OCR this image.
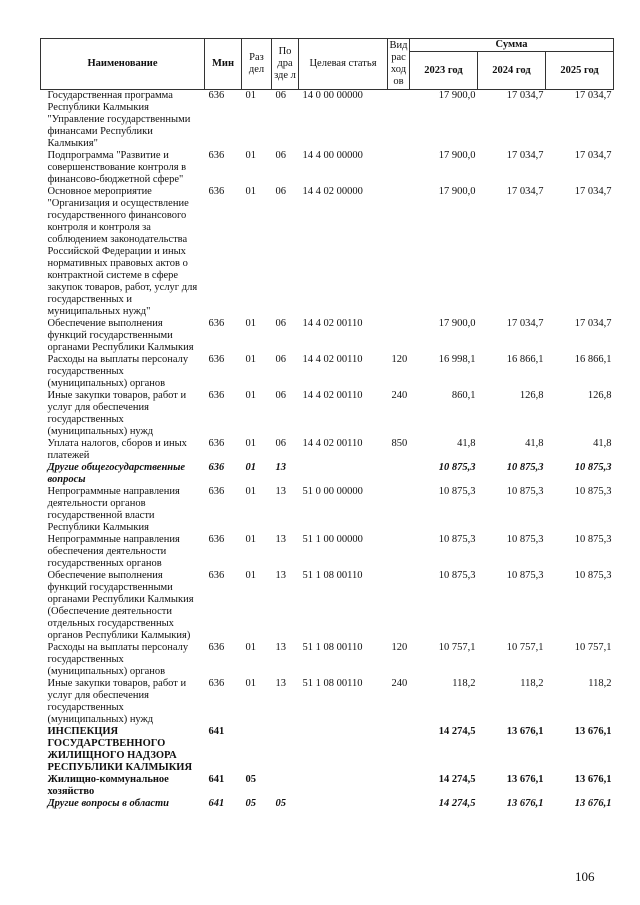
Наименование	Мин	Раз дел	По дра зде л	Целевая статья	Вид рас ход ов	Сумма		
						2023 год	2024 год	2025 год
Государственная программа Республики Калмыкия "Управление государственными финансами Республики Калмыкия"	636	01	06	14 0 00 00000		17 900,0	17 034,7	17 034,7
Подпрограмма "Развитие и совершенствование контроля в финансово-бюджетной сфере"	636	01	06	14 4 00 00000		17 900,0	17 034,7	17 034,7
Основное мероприятие "Организация и осуществление государственного финансового контроля и контроля за соблюдением законодательства Российской Федерации и иных нормативных правовых актов о контрактной системе в сфере закупок товаров, работ, услуг для государственных и муниципальных нужд"	636	01	06	14 4 02 00000		17 900,0	17 034,7	17 034,7
Обеспечение выполнения функций государственными органами Республики Калмыкия	636	01	06	14 4 02 00110		17 900,0	17 034,7	17 034,7
Расходы на выплаты персоналу государственных (муниципальных) органов	636	01	06	14 4 02 00110	120	16 998,1	16 866,1	16 866,1
Иные закупки товаров, работ и услуг для обеспечения государственных (муниципальных) нужд	636	01	06	14 4 02 00110	240	860,1	126,8	126,8
Уплата налогов, сборов и иных платежей	636	01	06	14 4 02 00110	850	41,8	41,8	41,8
Другие общегосударственные вопросы	636	01	13			10 875,3	10 875,3	10 875,3
Непрограммные направления деятельности органов государственной власти Республики Калмыкия	636	01	13	51 0 00 00000		10 875,3	10 875,3	10 875,3
Непрограммные направления обеспечения деятельности государственных органов	636	01	13	51 1 00 00000		10 875,3	10 875,3	10 875,3
Обеспечение выполнения функций государственными органами Республики Калмыкия (Обеспечение деятельности отдельных государственных органов Республики Калмыкия)	636	01	13	51 1 08 00110		10 875,3	10 875,3	10 875,3
Расходы на выплаты персоналу государственных (муниципальных) органов	636	01	13	51 1 08 00110	120	10 757,1	10 757,1	10 757,1
Иные закупки товаров, работ и услуг для обеспечения государственных (муниципальных) нужд	636	01	13	51 1 08 00110	240	118,2	118,2	118,2
ИНСПЕКЦИЯ ГОСУДАРСТВЕННОГО ЖИЛИЩНОГО НАДЗОРА РЕСПУБЛИКИ КАЛМЫКИЯ	641					14 274,5	13 676,1	13 676,1
Жилищно-коммунальное хозяйство	641	05				14 274,5	13 676,1	13 676,1
Другие вопросы в области	641	05	05			14 274,5	13 676,1	13 676,1
106
